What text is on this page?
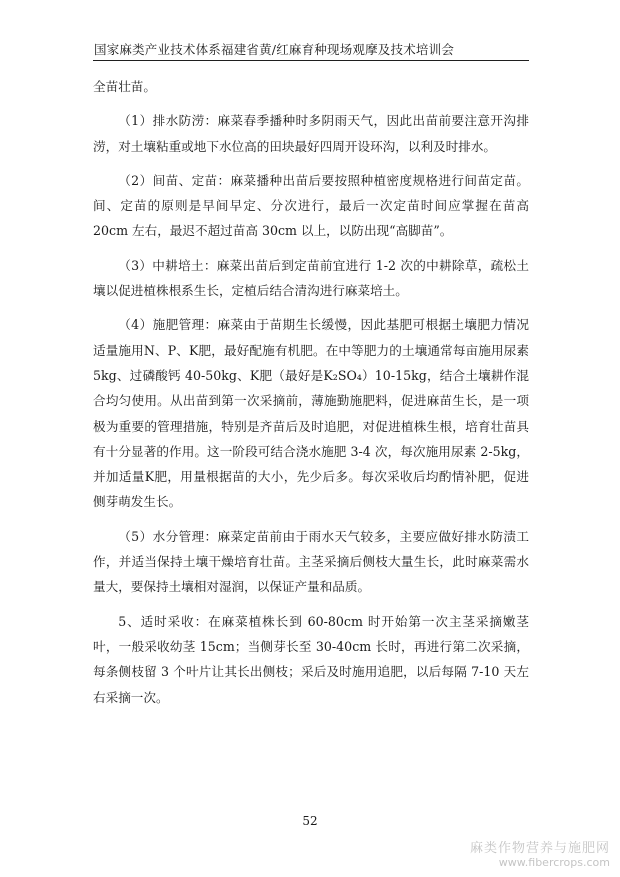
国家麻类产业技术体系福建省黄/红麻育种现场观摩及技术培训会

全苗壮苗。

（1）排水防涝：麻菜春季播种时多阴雨天气，因此出苗前要注意开沟排涝，对土壤粘重或地下水位高的田块最好四周开设环沟，以利及时排水。

（2）间苗、定苗：麻菜播种出苗后要按照种植密度规格进行间苗定苗。间、定苗的原则是早间早定、分次进行，最后一次定苗时间应掌握在苗高 20cm 左右，最迟不超过苗高 30cm 以上，以防出现“高脚苗”。

（3）中耕培土：麻菜出苗后到定苗前宜进行 1-2 次的中耕除草，疏松土壤以促进植株根系生长，定植后结合清沟进行麻菜培土。

（4）施肥管理：麻菜由于苗期生长缓慢，因此基肥可根据土壤肥力情况适量施用N、P、K肥，最好配施有机肥。在中等肥力的土壤通常每亩施用尿素 5kg、过磷酸钙 40-50kg、K肥（最好是K₂SO₄）10-15kg，结合土壤耕作混合均匀使用。从出苗到第一次采摘前，薄施勤施肥料，促进麻苗生长，是一项极为重要的管理措施，特别是齐苗后及时追肥，对促进植株生根，培育壮苗具有十分显著的作用。这一阶段可结合浇水施肥 3-4 次，每次施用尿素 2-5kg，并加适量K肥，用量根据苗的大小，先少后多。每次采收后均酌情补肥，促进侧芽萌发生长。

（5）水分管理：麻菜定苗前由于雨水天气较多，主要应做好排水防渍工作，并适当保持土壤干燥培育壮苗。主茎采摘后侧枝大量生长，此时麻菜需水量大，要保持土壤相对湿润，以保证产量和品质。

5、适时采收：在麻菜植株长到 60-80cm 时开始第一次主茎采摘嫩茎叶，一般采收幼茎 15cm；当侧芽长至 30-40cm 长时，再进行第二次采摘，每条侧枝留 3 个叶片让其长出侧枝；采后及时施用追肥，以后每隔 7-10 天左右采摘一次。

52
麻类作物营养与施肥网
www.fibercrops.com
